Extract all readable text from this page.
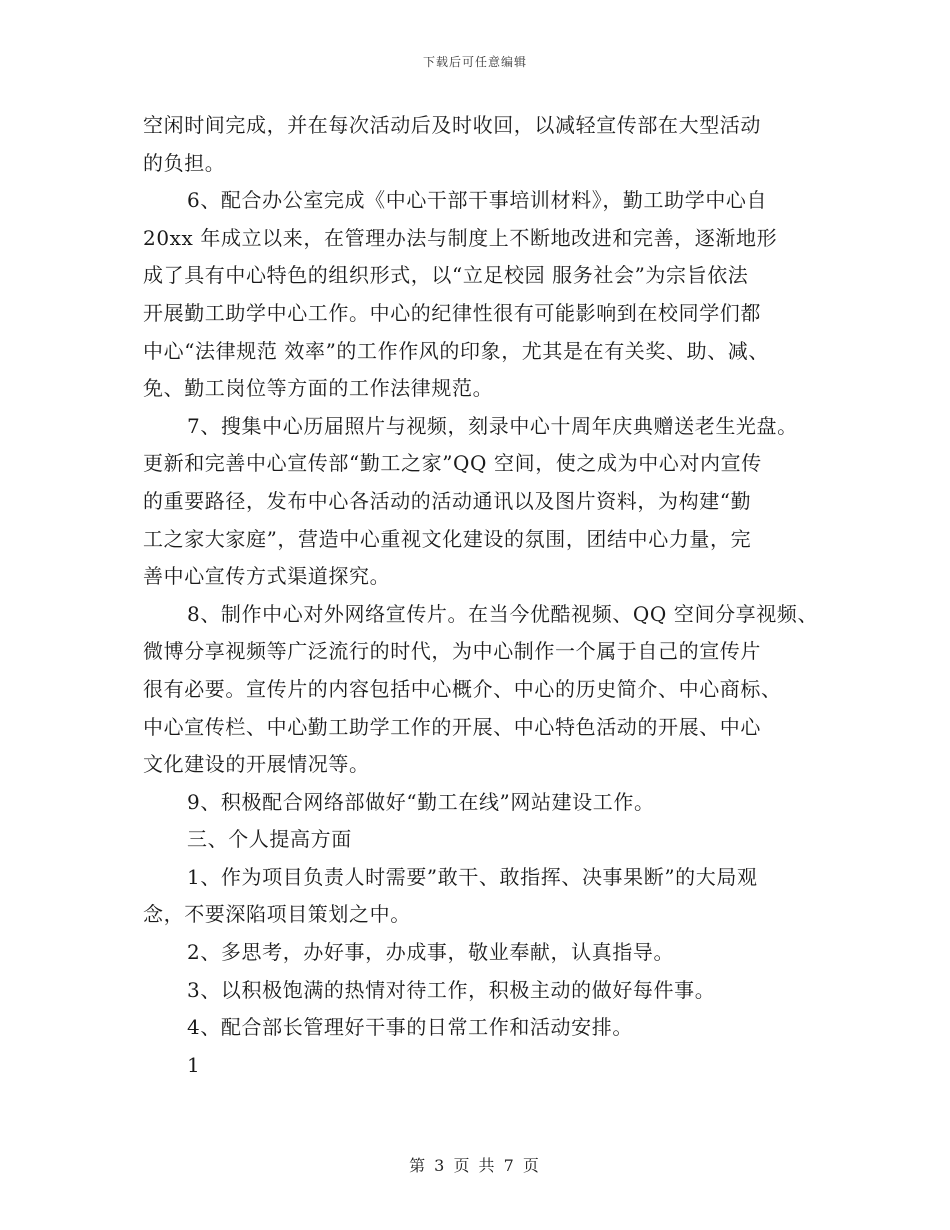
下载后可任意编辑
空闲时间完成，并在每次活动后及时收回，以减轻宣传部在大型活动
的负担。
6、配合办公室完成《中心干部干事培训材料》，勤工助学中心自
20xx 年成立以来，在管理办法与制度上不断地改进和完善，逐渐地形
成了具有中心特色的组织形式，以“立足校园 服务社会”为宗旨依法
开展勤工助学中心工作。中心的纪律性很有可能影响到在校同学们都
中心“法律规范 效率”的工作作风的印象，尤其是在有关奖、助、减、
免、勤工岗位等方面的工作法律规范。
7、搜集中心历届照片与视频，刻录中心十周年庆典赠送老生光盘。
更新和完善中心宣传部“勤工之家”QQ 空间，使之成为中心对内宣传
的重要路径，发布中心各活动的活动通讯以及图片资料，为构建“勤
工之家大家庭”，营造中心重视文化建设的氛围，团结中心力量，完
善中心宣传方式渠道探究。
8、制作中心对外网络宣传片。在当今优酷视频、QQ 空间分享视频、
微博分享视频等广泛流行的时代，为中心制作一个属于自己的宣传片
很有必要。宣传片的内容包括中心概介、中心的历史简介、中心商标、
中心宣传栏、中心勤工助学工作的开展、中心特色活动的开展、中心
文化建设的开展情况等。
9、积极配合网络部做好“勤工在线”网站建设工作。
三、个人提高方面
1、作为项目负责人时需要”敢干、敢指挥、决事果断”的大局观
念，不要深陷项目策划之中。
2、多思考，办好事，办成事，敬业奉献，认真指导。
3、以积极饱满的热情对待工作，积极主动的做好每件事。
4、配合部长管理好干事的日常工作和活动安排。
1
第 3 页 共 7 页
